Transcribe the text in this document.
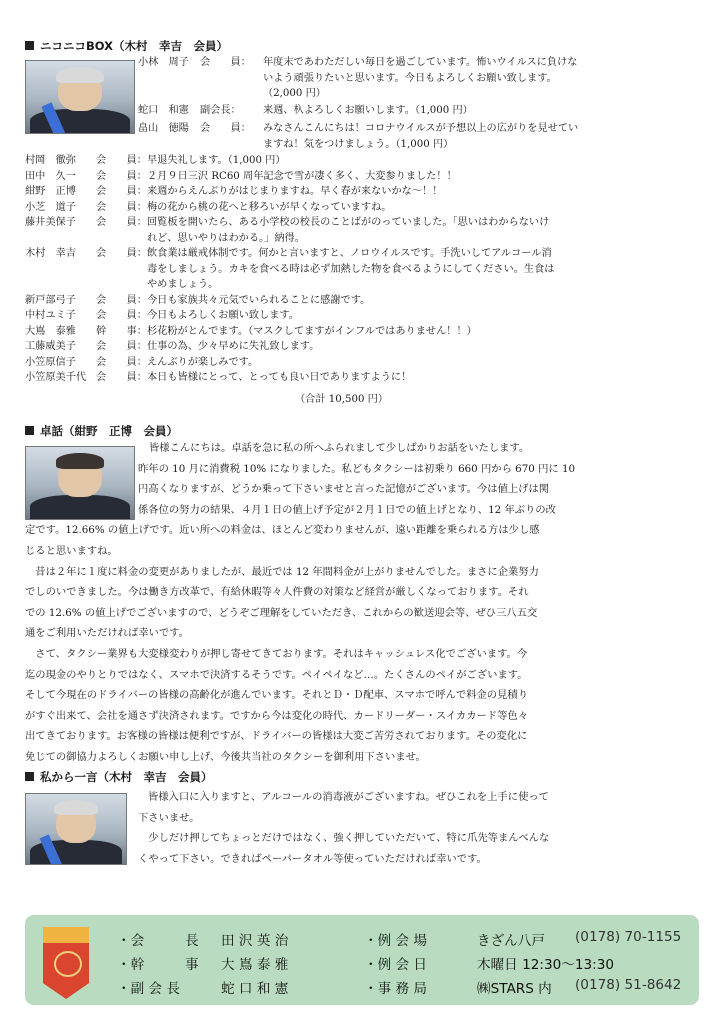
ニコニコBOX（木村　幸吉　会員）
小林　周子 会　　員： 年度末であわただしい毎日を過ごしています。怖いウイルスに負けな
いよう頑張りたいと思います。今日もよろしくお願い致します。
（2,000 円）
蛇口　和憲 副会長： 来週、杁よろしくお願いします。（1,000 円）
畠山　徳陽 会　　員： みなさんこんにちは！コロナウイルスが予想以上の広がりを見せてい
ますね！気をつけましょう。（1,000 円）
村岡　徹弥 会　　員： 早退失礼します。（1,000 円）
田中　久一 会　　員： ２月９日三沢 RC60 周年記念で雪が凄く多く、大変参りました！！
紺野　正博 会　　員： 来週からえんぶりがはじまりますね。早く春が来ないかな～！！
小芝　道子 会　　員： 梅の花から桃の花へと移ろいが早くなっていますね。
藤井美保子 会　　員： 回覧板を開いたら、ある小学校の校長のことばがのっていました。「思いはわからないけ
れど、思いやりはわかる。」納得。
木村　幸吉 会　　員： 飲食業は厳戒体制です。何かと言いますと、ノロウイルスです。手洗いしてアルコール消
毒をしましょう。カキを食べる時は必ず加熱した物を食べるようにしてください。生食は
やめましょう。
新戸部弓子 会　　員： 今日も家族共々元気でいられることに感謝です。
中村ユミ子 会　　員： 今日もよろしくお願い致します。
大嶌　泰雅 幹　　事： 杉花粉がとんでます。（マスクしてますがインフルではありません！！）
工藤威美子 会　　員： 仕事の為、少々早めに失礼致します。
小笠原信子 会　　員： えんぶりが楽しみです。
小笠原美千代 会　　員： 本日も皆様にとって、とっても良い日でありますように！
（合計 10,500 円）
卓話（紺野　正博　会員）
皆様こんにちは。卓話を急に私の所へふられまして少しばかりお話をいたします。
昨年の 10 月に消費税 10% になりました。私どもタクシーは初乗り 660 円から 670 円に 10
円高くなりますが、どうか乗って下さいませと言った記憶がございます。今は値上げは関
係各位の努力の結果、４月１日の値上げ予定が２月１日での値上げとなり、12 年ぶりの改
定です。12.66% の値上げです。近い所への料金は、ほとんど変わりませんが、遠い距離を乗られる方は少し感
じると思いますね。
　昔は２年に１度に料金の変更がありましたが、最近では 12 年間料金が上がりませんでした。まさに企業努力
でしのいできました。今は働き方改革で、有給休暇等々人件費の対策など経営が厳しくなっております。それ
での 12.6% の値上げでございますので、どうぞご理解をしていただき、これからの歓送迎会等、ぜひ三八五交
通をご利用いただければ幸いです。
　さて、タクシー業界も大変様変わりが押し寄せてきております。それはキャッシュレス化でございます。今
迄の現金のやりとりではなく、スマホで決済するそうです。ペイペイなど…。たくさんのペイがございます。
そして今現在のドライバーの皆様の高齢化が進んでいます。それとＤ・Ｄ配車、スマホで呼んで料金の見積り
がすぐ出来て、会社を通さず決済されます。ですから今は変化の時代、カードリーダー・スイカカード等色々
出てきております。お客様の皆様は便利ですが、ドライバーの皆様は大変ご苦労されております。その変化に
免じての御協力よろしくお願い申し上げ、今後共当社のタクシーを御利用下さいませ。
私から一言（木村　幸吉　会員）
皆様入口に入りますと、アルコールの消毒液がございますね。ぜひこれを上手に使って
下さいませ。
　少しだけ押してちょっとだけではなく、強く押していただいて、特に爪先等まんべんな
くやって下さい。できればペーパータオル等使っていただければ幸いです。
・会　　　長 田 沢 英 治
・幹　　　事 大 嶌 泰 雅
・副 会 長	蛇 口 和 憲
・例 会 場	きざん八戸 (0178) 70-1155
・例 会 日	木曜日 12:30～13:30
・事 務 局	㈱STARS 内 (0178) 51-8642
